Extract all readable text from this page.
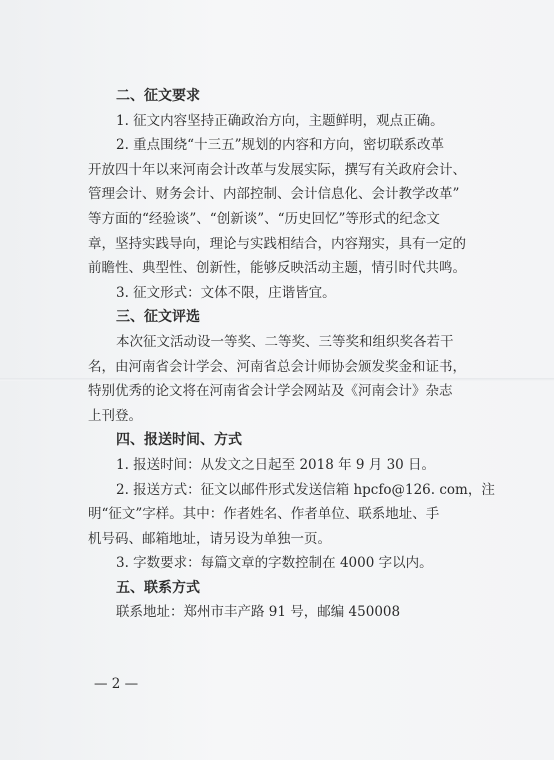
二、征文要求

1. 征文内容坚持正确政治方向，主题鲜明，观点正确。

2. 重点围绕“十三五”规划的内容和方向，密切联系改革

开放四十年以来河南会计改革与发展实际，撰写有关政府会计、

管理会计、财务会计、内部控制、会计信息化、会计教学改革”

等方面的“经验谈”、“创新谈”、“历史回忆”等形式的纪念文

章，坚持实践导向，理论与实践相结合，内容翔实，具有一定的

前瞻性、典型性、创新性，能够反映活动主题，情引时代共鸣。

3. 征文形式：文体不限，庄谐皆宜。

三、征文评选

本次征文活动设一等奖、二等奖、三等奖和组织奖各若干

名，由河南省会计学会、河南省总会计师协会颁发奖金和证书，

特别优秀的论文将在河南省会计学会网站及《河南会计》杂志

上刊登。

四、报送时间、方式

1. 报送时间：从发文之日起至 2018 年 9 月 30 日。

2. 报送方式：征文以邮件形式发送信箱 hpcfo@126. com，注

明“征文”字样。其中：作者姓名、作者单位、联系地址、手

机号码、邮箱地址，请另设为单独一页。

3. 字数要求：每篇文章的字数控制在 4000 字以内。

五、联系方式

联系地址：郑州市丰产路 91 号，邮编 450008

— 2 —
